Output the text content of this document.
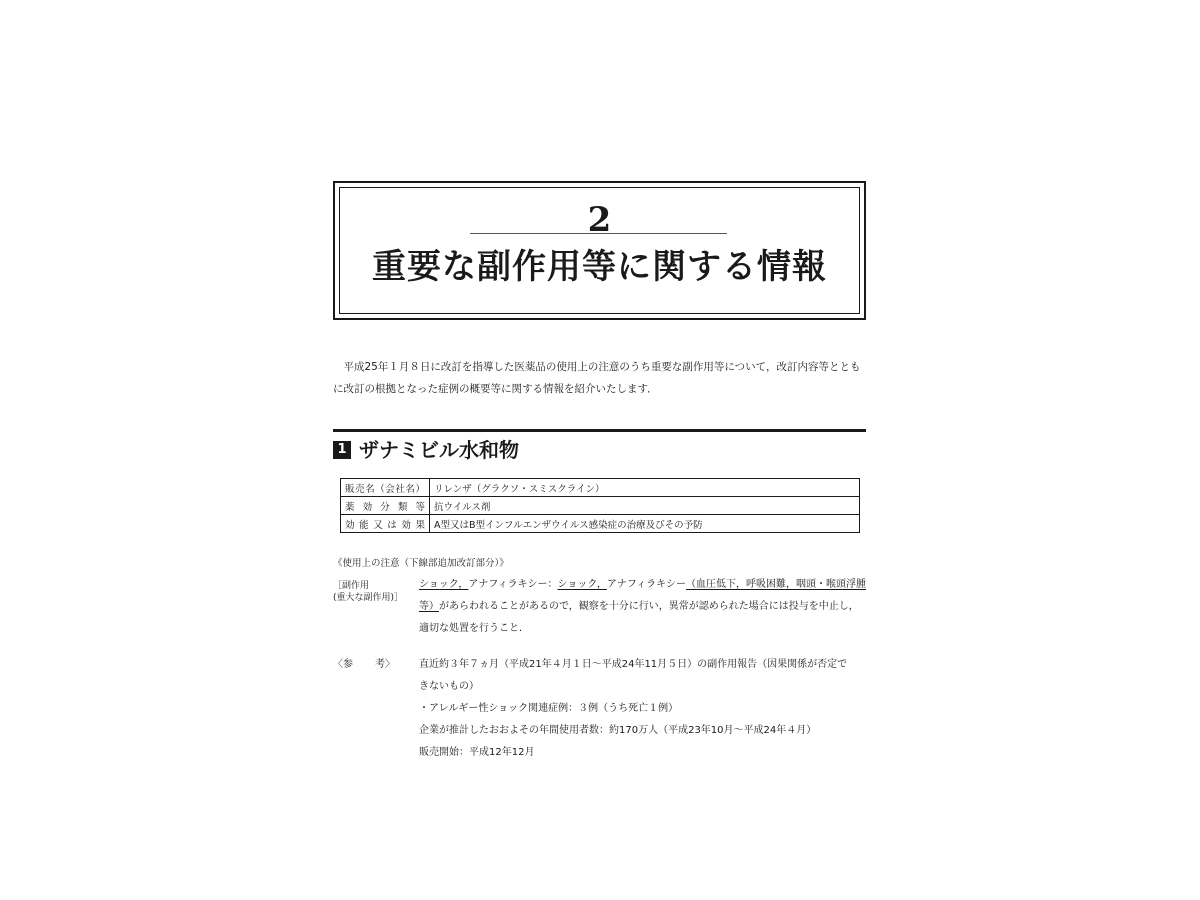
2
重要な副作用等に関する情報

平成25年１月８日に改訂を指導した医薬品の使用上の注意のうち重要な副作用等について，改訂内容等とともに改訂の根拠となった症例の概要等に関する情報を紹介いたします．

1 ザナミビル水和物
販売名（会社名）	リレンザ（グラクソ・スミスクライン）
薬効分類等	抗ウイルス剤
効能又は効果	A型又はB型インフルエンザウイルス感染症の治療及びその予防
《使用上の注意（下線部追加改訂部分）》
［副作用
(重大な副作用)］

ショック，アナフィラキシー：ショック，アナフィラキシー（血圧低下，呼吸困難，咽頭・喉頭浮腫等）があらわれることがあるので，観察を十分に行い，異常が認められた場合には投与を中止し，適切な処置を行うこと．

〈参 考〉 直近約３年７ヵ月（平成21年４月１日～平成24年11月５日）の副作用報告（因果関係が否定で
きないもの）
・アレルギー性ショック関連症例：３例（うち死亡１例）
企業が推計したおおよその年間使用者数：約170万人（平成23年10月～平成24年４月）
販売開始：平成12年12月
